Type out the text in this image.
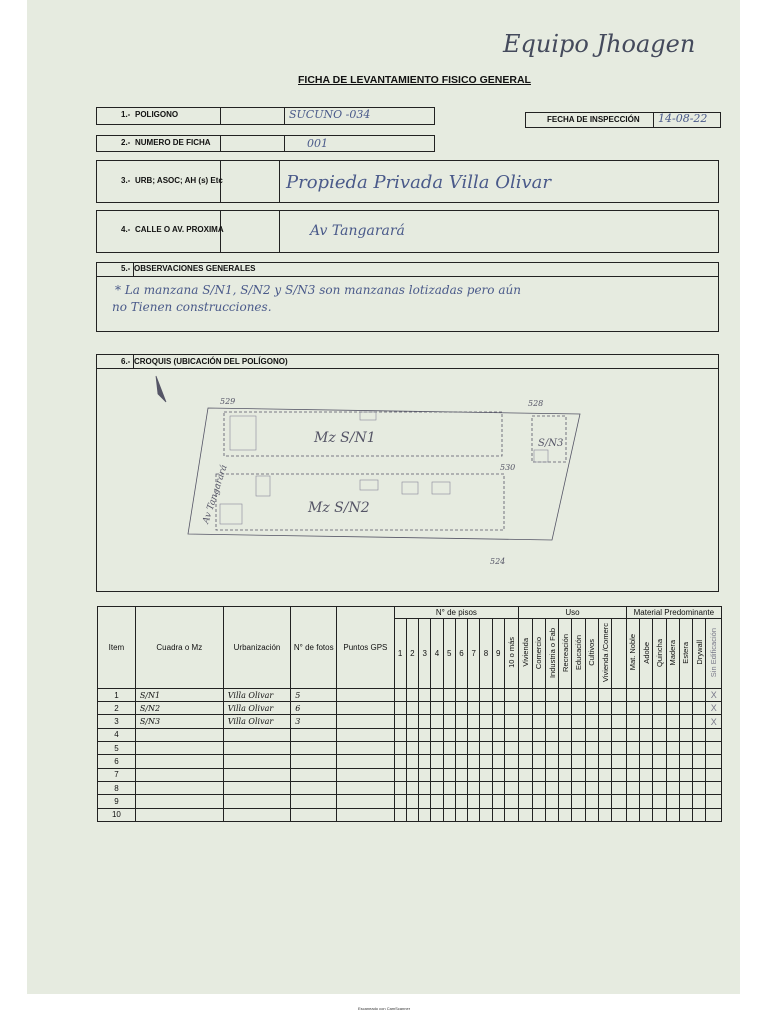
Equipo Jhoagen
FICHA DE LEVANTAMIENTO FISICO GENERAL
1.- POLIGONO	SUCUNO -034	FECHA DE INSPECCIÓN 14-08-22
2.- NUMERO DE FICHA	001
3.- URB; ASOC; AH (s) Etc	Propieda Privada Villa Olivar
4.- CALLE O AV. PROXIMA	Av Tangarará
5.- OBSERVACIONES GENERALES
* La manzana S/N1, S/N2 y S/N3 son manzanas lotizadas pero aún
no Tienen construcciones.
6.- CROQUIS (UBICACIÓN DEL POLÍGONO)
529	528
530
524
Mz S/N1
Mz S/N2
S/N3
Av Tangarará
Item	Cuadra o Mz	Urbanización	N° de fotos	Puntos GPS	N° de pisos										Uso								Material Predominante						
					1	2	3	4	5	6	7	8	9	10 o más	Vivienda	Comercio	Industria o Fab	Recreación	Educación	Cultivos	Vivienda /Comerc		Mat. Noble	Adobe	Quincha	Madera	Estera	Drywall	Sin Edificación
1	S/N1	Villa Olivar	5																										X
2	S/N2	Villa Olivar	6																										X
3	S/N3	Villa Olivar	3																										X
4																													
5																													
6																													
7																													
8																													
9																													
10																													
Escaneado con CamScanner
